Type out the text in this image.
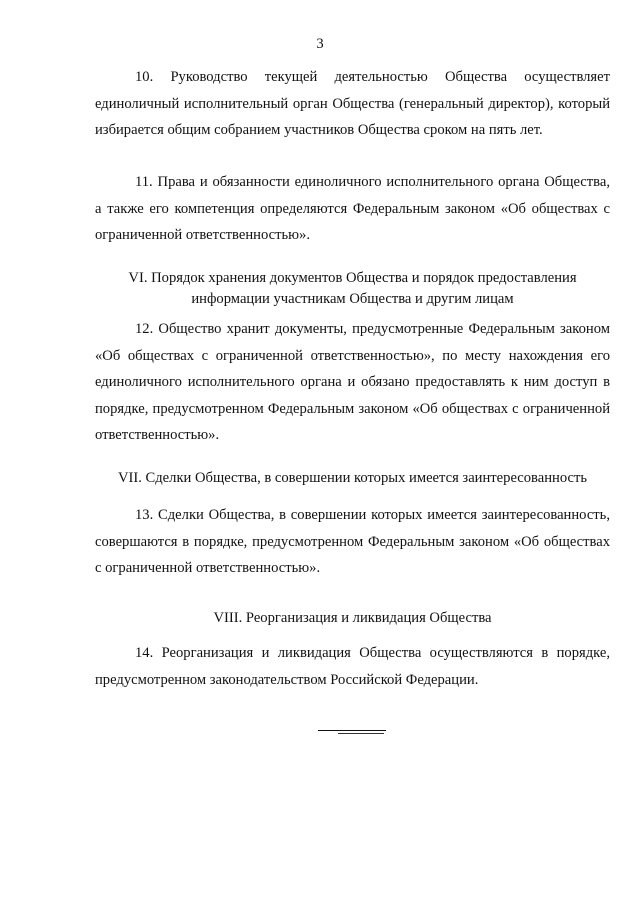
3
10. Руководство текущей деятельностью Общества осуществляет единоличный исполнительный орган Общества (генеральный директор), который избирается общим собранием участников Общества сроком на пять лет.
11. Права и обязанности единоличного исполнительного органа Общества, а также его компетенция определяются Федеральным законом «Об обществах с ограниченной ответственностью».
VI. Порядок хранения документов Общества и порядок предоставления
информации участникам Общества и другим лицам
12. Общество хранит документы, предусмотренные Федеральным законом «Об обществах с ограниченной ответственностью», по месту нахождения его единоличного исполнительного органа и обязано предоставлять к ним доступ в порядке, предусмотренном Федеральным законом «Об обществах с ограниченной ответственностью».
VII. Сделки Общества, в совершении которых имеется заинтересованность
13. Сделки Общества, в совершении которых имеется заинтересованность, совершаются в порядке, предусмотренном Федеральным законом «Об обществах с ограниченной ответственностью».
VIII. Реорганизация и ликвидация Общества
14. Реорганизация и ликвидация Общества осуществляются в порядке, предусмотренном законодательством Российской Федерации.
